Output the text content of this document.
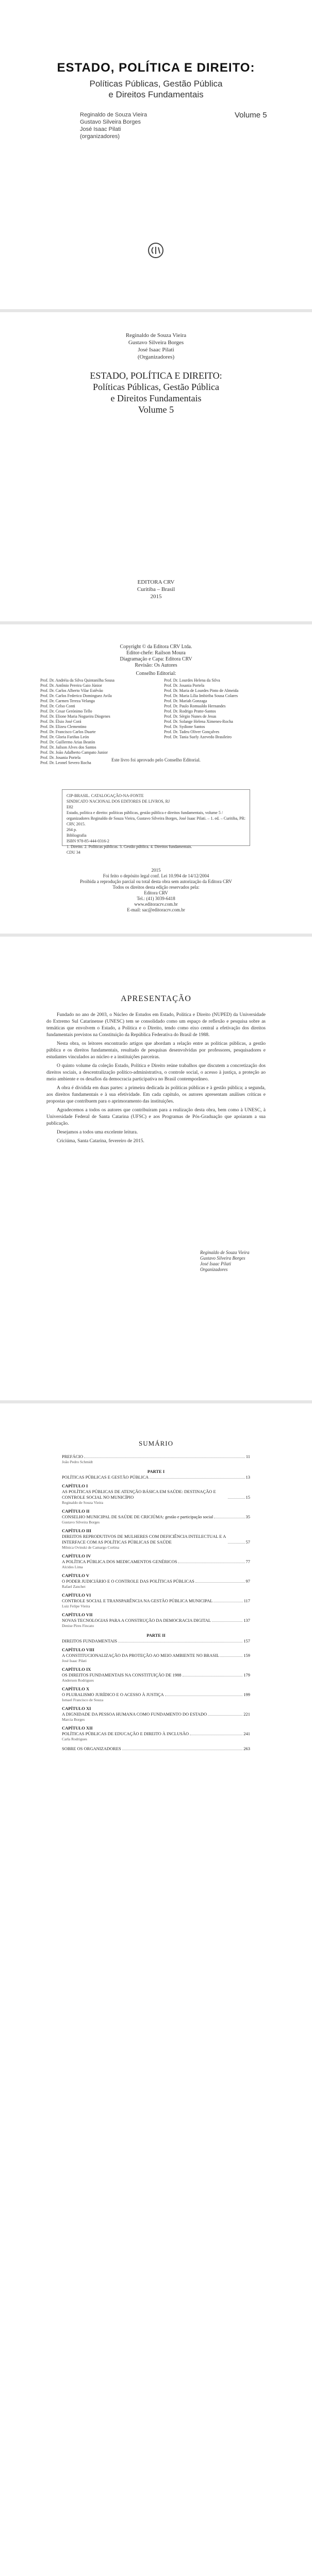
ESTADO, POLÍTICA E DIREITO:
Políticas Públicas, Gestão Pública
e Direitos Fundamentais
Reginaldo de Souza Vieira
Gustavo Silveira Borges
José Isaac Pilati
(organizadores)
Volume 5
Reginaldo de Souza Vieira
Gustavo Silveira Borges
José Isaac Pilati
(Organizadores)
ESTADO, POLÍTICA E DIREITO:
Políticas Públicas, Gestão Pública
e Direitos Fundamentais
Volume 5
EDITORA CRV
Curitiba – Brasil
2015
Copyright © da Editora CRV Ltda.
Editor-chefe: Railson Moura
Diagramação e Capa: Editora CRV
Revisão: Os Autores
Conselho Editorial:
Prof. Dr. Andréia da Silva Quintanilha Sousa
Prof. Dr. Antônio Pereira Gaio Júnior
Prof. Dr. Carlos Alberto Vilar Estêvão
Prof. Dr. Carlos Federico Dominguez Avila
Prof. Dr. Carmen Tereza Velanga
Prof. Dr. Celso Conti
Prof. Dr. Cesar Gerónimo Tello
Prof. Dr. Elione Maria Nogueira Diogenes
Prof. Dr. Élsio José Corá
Prof. Dr. Elizeu Clementino
Prof. Dr. Francisco Carlos Duarte
Prof. Dr. Gloria Fariñas León
Prof. Dr. Guillermo Arias Beatón
Prof. Dr. Jailson Alves dos Santos
Prof. Dr. João Adalberto Campato Junior
Prof. Dr. Josania Portela
Prof. Dr. Leonel Severo Rocha
Prof. Dr. Lourdes Helena da Silva
Prof. Dr. Josania Portela
Prof. Dr. Maria de Lourdes Pinto de Almeida
Prof. Dr. Maria Lília Imbiriba Sousa Colares
Prof. Dr. Mariah Gonzaga
Prof. Dr. Paulo Romualdo Hernandes
Prof. Dr. Rodrigo Pratte-Santos
Prof. Dr. Sérgio Nunes de Jesus
Prof. Dr. Solange Helena Ximenes-Rocha
Prof. Dr. Sydione Santos
Prof. Dr. Tadeu Oliver Gonçalves
Prof. Dr. Tania Suely Azevedo Brasileiro
Este livro foi aprovado pelo Conselho Editorial.
CIP-BRASIL. CATALOGAÇÃO-NA-FONTE
SINDICATO NACIONAL DOS EDITORES DE LIVROS, RJ
E82
Estado, política e direito: políticas públicas, gestão pública e direitos fundamentais, volume 5 / organizadores Reginaldo de Souza Vieira, Gustavo Silveira Borges, José Isaac Pilati. – 1. ed. – Curitiba, PR: CRV, 2015.
264 p.
Bibliografia
ISBN 978-85-444-0316-2
1. Direito. 2. Políticas públicas. 3. Gestão pública. 4. Direitos fundamentais.
CDU 34
2015
Foi feito o depósito legal conf. Lei 10.994 de 14/12/2004
Proibida a reprodução parcial ou total desta obra sem autorização da Editora CRV
Todos os direitos desta edição reservados pela:
Editora CRV
Tel.: (41) 3039-6418
www.editoracrv.com.br
E-mail: sac@editoracrv.com.br
APRESENTAÇÃO

Fundado no ano de 2003, o Núcleo de Estudos em Estado, Política e Direito (NUPED) da Universidade do Extremo Sul Catarinense (UNESC) tem se consolidado como um espaço de reflexão e pesquisa sobre as temáticas que envolvem o Estado, a Política e o Direito, tendo como eixo central a efetivação dos direitos fundamentais previstos na Constituição da República Federativa do Brasil de 1988.

Nesta obra, os leitores encontrarão artigos que abordam a relação entre as políticas públicas, a gestão pública e os direitos fundamentais, resultado de pesquisas desenvolvidas por professores, pesquisadores e estudantes vinculados ao núcleo e a instituições parceiras.

O quinto volume da coleção Estado, Política e Direito reúne trabalhos que discutem a concretização dos direitos sociais, a descentralização político-administrativa, o controle social, o acesso à justiça, a proteção ao meio ambiente e os desafios da democracia participativa no Brasil contemporâneo.

A obra é dividida em duas partes: a primeira dedicada às políticas públicas e à gestão pública; a segunda, aos direitos fundamentais e à sua efetividade. Em cada capítulo, os autores apresentam análises críticas e propostas que contribuem para o aprimoramento das instituições.

Agradecemos a todos os autores que contribuíram para a realização desta obra, bem como à UNESC, à Universidade Federal de Santa Catarina (UFSC) e aos Programas de Pós-Graduação que apoiaram a sua publicação.

Desejamos a todos uma excelente leitura.

Criciúma, Santa Catarina, fevereiro de 2015.

Reginaldo de Souza Vieira
Gustavo Silveira Borges
José Isaac Pilati
Organizadores
SUMÁRIO
PREFÁCIO	11
João Pedro Schmidt
PARTE I
POLÍTICAS PÚBLICAS E GESTÃO PÚBLICA	13
CAPÍTULO I
AS POLÍTICAS PÚBLICAS DE ATENÇÃO BÁSICA EM SAÚDE: DESTINAÇÃO E CONTROLE SOCIAL NO MUNICÍPIO	15
Reginaldo de Souza Vieira
CAPÍTULO II
CONSELHO MUNICIPAL DE SAÚDE DE CRICIÚMA: gestão e participação social	35
Gustavo Silveira Borges
CAPÍTULO III
DIREITOS REPRODUTIVOS DE MULHERES COM DEFICIÊNCIA INTELECTUAL E A INTERFACE COM AS POLÍTICAS PÚBLICAS DE SAÚDE	57
Mônica Ovinski de Camargo Cortina
CAPÍTULO IV
A POLÍTICA PÚBLICA DOS MEDICAMENTOS GENÉRICOS	77
Alcides Lima
CAPÍTULO V
O PODER JUDICIÁRIO E O CONTROLE DAS POLÍTICAS PÚBLICAS	97
Rafael Zanchet
CAPÍTULO VI
CONTROLE SOCIAL E TRANSPARÊNCIA NA GESTÃO PÚBLICA MUNICIPAL	117
Luiz Felipe Vieira
CAPÍTULO VII
NOVAS TECNOLOGIAS PARA A CONSTRUÇÃO DA DEMOCRACIA DIGITAL	137
Denise Pires Fincato
PARTE II
DIREITOS FUNDAMENTAIS	157
CAPÍTULO VIII
A CONSTITUCIONALIZAÇÃO DA PROTEÇÃO AO MEIO AMBIENTE NO BRASIL	159
José Isaac Pilati
CAPÍTULO IX
OS DIREITOS FUNDAMENTAIS NA CONSTITUIÇÃO DE 1988	179
Anderson Rodrigues
CAPÍTULO X
O PLURALISMO JURÍDICO E O ACESSO À JUSTIÇA	199
Ismael Francisco de Souza
CAPÍTULO XI
A DIGNIDADE DA PESSOA HUMANA COMO FUNDAMENTO DO ESTADO	221
Marcia Borges
CAPÍTULO XII
POLÍTICAS PÚBLICAS DE EDUCAÇÃO E DIREITO À INCLUSÃO	241
Carla Rodrigues
SOBRE OS ORGANIZADORES	263
